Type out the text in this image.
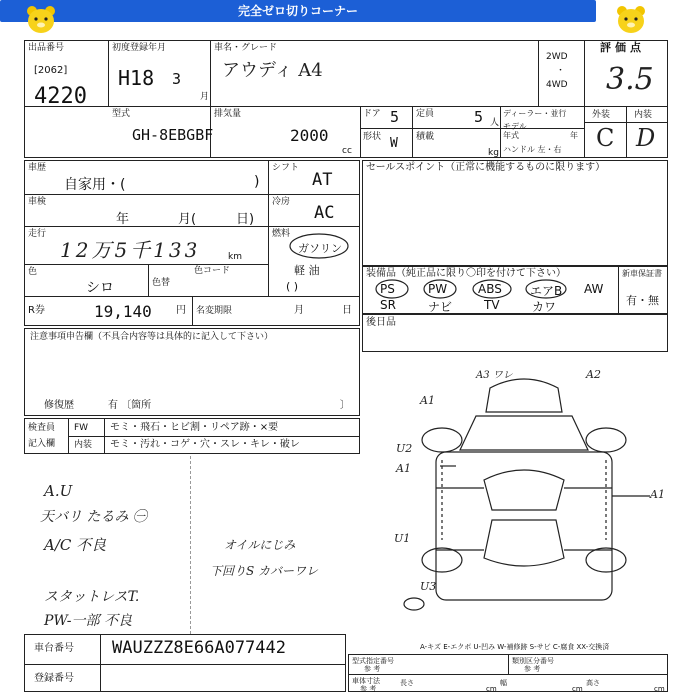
完全ゼロ切りコーナー
出品番号
[2062]
4220
初度登録年月
H18 3
月
車名・グレード
アウディ A4
2WD
・
4WD
評価点
3.5
型式
GH-8EBGBF
排気量
2000
cc
ドア 5
形状 W
定員	5 人
積載
kg
ディーラー・並行
モデル
年式	年
ハンドル 左・右
外装	内装
C D
車歴
自家用・(	)
シフト
AT
車検
年	月(	日)
冷房
AC
走行
12万5千133	km
燃料
ガソリン
軽 油
( )
色
シロ	色替
色コード
R券	19,140 円 名変期限	月	日
注意事項申告欄（不具合内容等は具体的に記入して下さい）
修復歴	有 〔箇所	〕
検査員
記入欄
FW モミ・飛石・ヒビ割・リペア跡・×要
内装 モミ・汚れ・コゲ・穴・スレ・キレ・破レ
A.U
天バリ たるみ ㊀
A/C 不良
スタットレスT.
PW-一部 不良
オイルにじみ
下回りS カバーワレ
セールスポイント（正常に機能するものに限ります）
装備品（純正品に限り〇印を付けて下さい）	新車保証書
有・無
PS	PW	ABS エアB AW
SR	ナビ	TV	カワ
後日品
A3 ワレ	A2
A1
U2
A1
A1
U1
U3
A-キズ E-エクボ U-凹み W-補修跡 S-サビ C-腐食 XX-交換済
車台番号 WAUZZZ8E66A077442
登録番号
型式指定番号
参 考
類別区分番号
参 考
車体寸法
参 考
長さ
cm
幅
cm
高さ
cm
